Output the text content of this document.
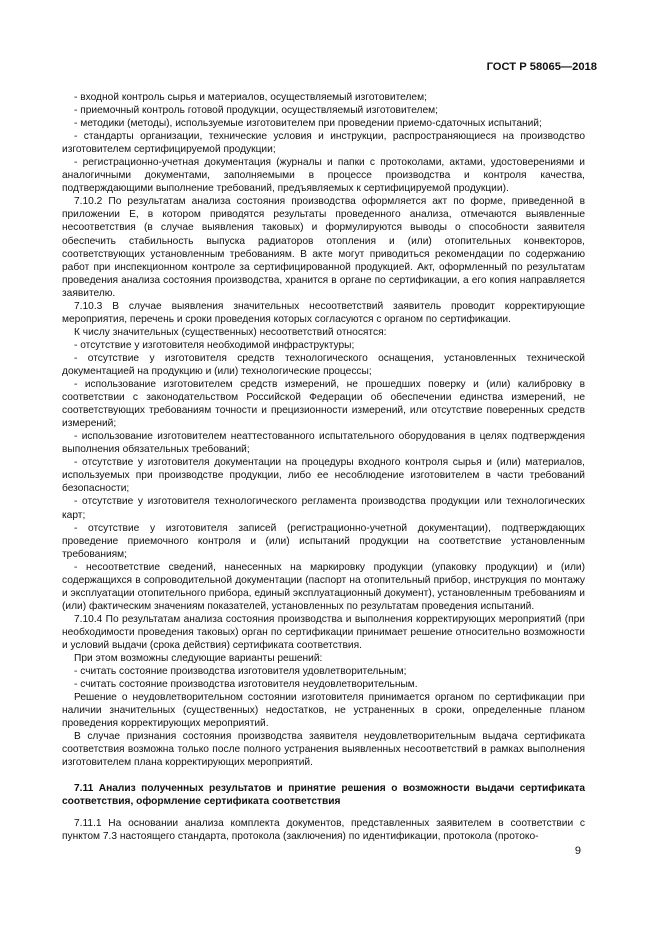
ГОСТ Р 58065—2018

- входной контроль сырья и материалов, осуществляемый изготовителем;

- приемочный контроль готовой продукции, осуществляемый изготовителем;

- методики (методы), используемые изготовителем при проведении приемо-сдаточных испытаний;

- стандарты организации, технические условия и инструкции, распространяющиеся на производство изготовителем сертифицируемой продукции;

- регистрационно-учетная документация (журналы и папки с протоколами, актами, удостоверениями и аналогичными документами, заполняемыми в процессе производства и контроля качества, подтверждающими выполнение требований, предъявляемых к сертифицируемой продукции).

7.10.2 По результатам анализа состояния производства оформляется акт по форме, приведенной в приложении Е, в котором приводятся результаты проведенного анализа, отмечаются выявленные несоответствия (в случае выявления таковых) и формулируются выводы о способности заявителя обеспечить стабильность выпуска радиаторов отопления и (или) отопительных конвекторов, соответствующих установленным требованиям. В акте могут приводиться рекомендации по содержанию работ при инспекционном контроле за сертифицированной продукцией. Акт, оформленный по результатам проведения анализа состояния производства, хранится в органе по сертификации, а его копия направляется заявителю.

7.10.3 В случае выявления значительных несоответствий заявитель проводит корректирующие мероприятия, перечень и сроки проведения которых согласуются с органом по сертификации.

К числу значительных (существенных) несоответствий относятся:

- отсутствие у изготовителя необходимой инфраструктуры;

- отсутствие у изготовителя средств технологического оснащения, установленных технической документацией на продукцию и (или) технологические процессы;

- использование изготовителем средств измерений, не прошедших поверку и (или) калибровку в соответствии с законодательством Российской Федерации об обеспечении единства измерений, не соответствующих требованиям точности и прецизионности измерений, или отсутствие поверенных средств измерений;

- использование изготовителем неаттестованного испытательного оборудования в целях подтверждения выполнения обязательных требований;

- отсутствие у изготовителя документации на процедуры входного контроля сырья и (или) материалов, используемых при производстве продукции, либо ее несоблюдение изготовителем в части требований безопасности;

- отсутствие у изготовителя технологического регламента производства продукции или технологических карт;

- отсутствие у изготовителя записей (регистрационно-учетной документации), подтверждающих проведение приемочного контроля и (или) испытаний продукции на соответствие установленным требованиям;

- несоответствие сведений, нанесенных на маркировку продукции (упаковку продукции) и (или) содержащихся в сопроводительной документации (паспорт на отопительный прибор, инструкция по монтажу и эксплуатации отопительного прибора, единый эксплуатационный документ), установленным требованиям и (или) фактическим значениям показателей, установленных по результатам проведения испытаний.

7.10.4 По результатам анализа состояния производства и выполнения корректирующих мероприятий (при необходимости проведения таковых) орган по сертификации принимает решение относительно возможности и условий выдачи (срока действия) сертификата соответствия.

При этом возможны следующие варианты решений:

- считать состояние производства изготовителя удовлетворительным;

- считать состояние производства изготовителя неудовлетворительным.

Решение о неудовлетворительном состоянии изготовителя принимается органом по сертификации при наличии значительных (существенных) недостатков, не устраненных в сроки, определенные планом проведения корректирующих мероприятий.

В случае признания состояния производства заявителя неудовлетворительным выдача сертификата соответствия возможна только после полного устранения выявленных несоответствий в рамках выполнения изготовителем плана корректирующих мероприятий.

7.11 Анализ полученных результатов и принятие решения о возможности выдачи сертификата соответствия, оформление сертификата соответствия

7.11.1 На основании анализа комплекта документов, представленных заявителем в соответствии с пунктом 7.3 настоящего стандарта, протокола (заключения) по идентификации, протокола (протоко-

9
